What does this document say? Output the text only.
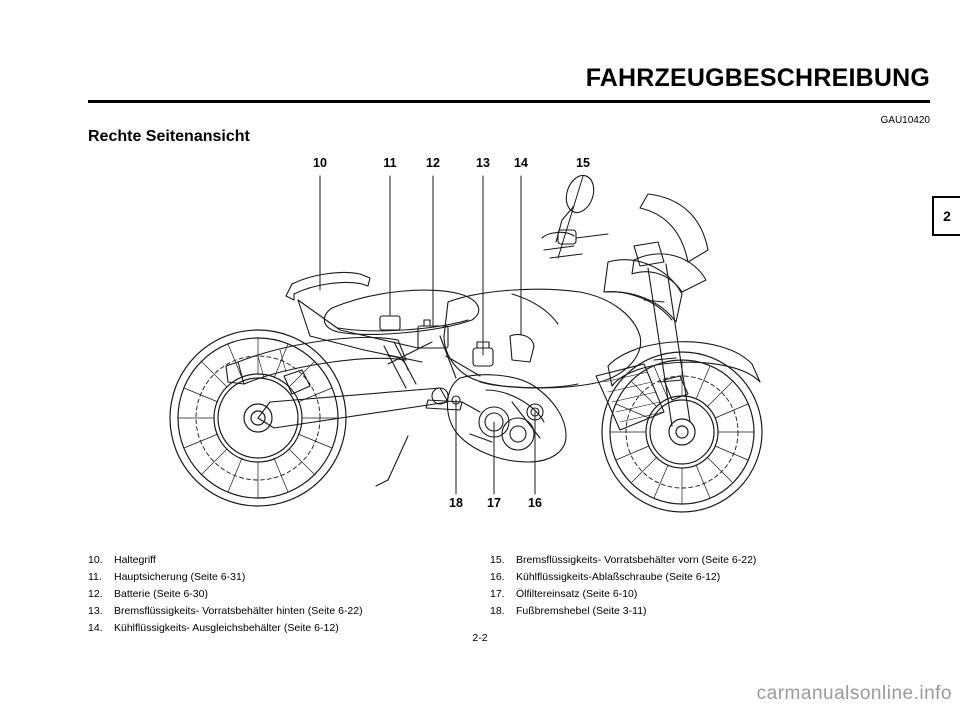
FAHRZEUGBESCHREIBUNG
GAU10420
Rechte Seitenansicht
2
10	11	12	13	14	15
18	17	16
10.	Haltegriff
11.	Hauptsicherung (Seite 6-31)
12.	Batterie (Seite 6-30)
13.	Bremsflüssigkeits- Vorratsbehälter hinten (Seite 6-22)
14.	Kühlflüssigkeits- Ausgleichsbehälter (Seite 6-12)
15.	Bremsflüssigkeits- Vorratsbehälter vorn (Seite 6-22)
16.	Kühlflüssigkeits-Ablaßschraube (Seite 6-12)
17.	Ölfiltereinsatz (Seite 6-10)
18.	Fußbremshebel (Seite 3-11)
2-2
carmanualsonline.info
